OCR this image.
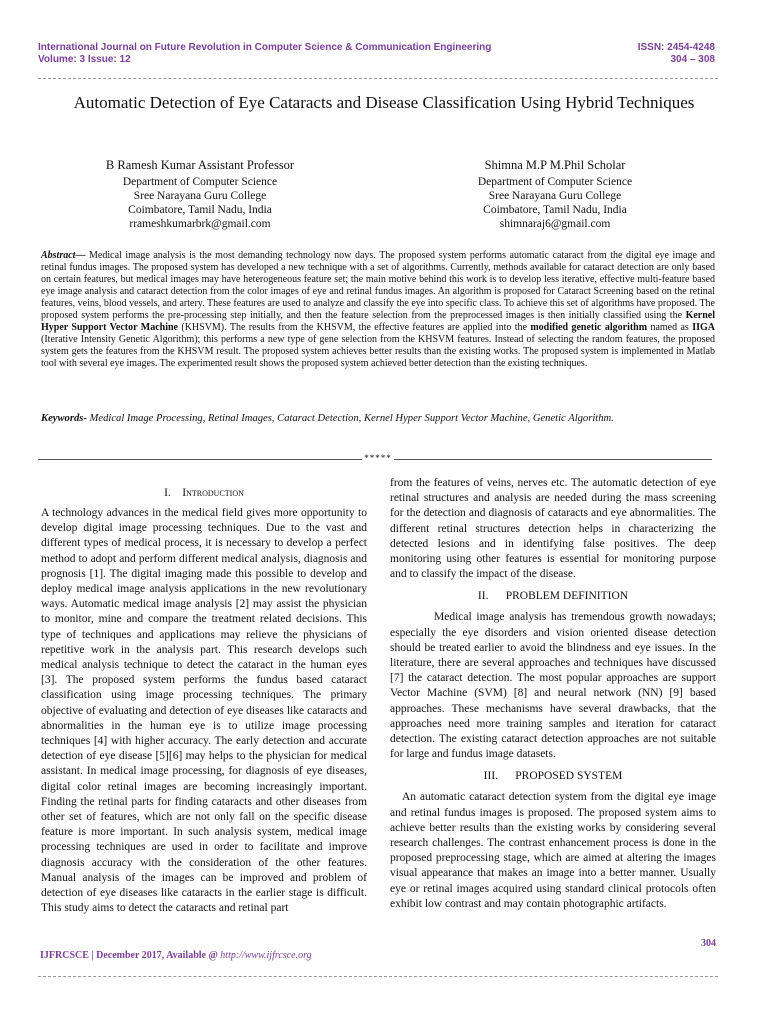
International Journal on Future Revolution in Computer Science & Communication Engineering
Volume: 3 Issue: 12
ISSN: 2454-4248
304 – 308
Automatic Detection of Eye Cataracts and Disease Classification Using Hybrid Techniques
B Ramesh Kumar Assistant Professor
Department of Computer Science
Sree Narayana Guru College
Coimbatore, Tamil Nadu, India
rrameshkumarbrk@gmail.com
Shimna M.P M.Phil Scholar
Department of Computer Science
Sree Narayana Guru College
Coimbatore, Tamil Nadu, India
shimnaraj6@gmail.com
Abstract— Medical image analysis is the most demanding technology now days. The proposed system performs automatic cataract from the digital eye image and retinal fundus images. The proposed system has developed a new technique with a set of algorithms. Currently, methods available for cataract detection are only based on certain features, but medical images may have heterogeneous feature set; the main motive behind this work is to develop less iterative, effective multi-feature based eye image analysis and cataract detection from the color images of eye and retinal fundus images. An algorithm is proposed for Cataract Screening based on the retinal features, veins, blood vessels, and artery. These features are used to analyze and classify the eye into specific class. To achieve this set of algorithms have proposed. The proposed system performs the pre-processing step initially, and then the feature selection from the preprocessed images is then initially classified using the Kernel Hyper Support Vector Machine (KHSVM). The results from the KHSVM, the effective features are applied into the modified genetic algorithm named as IIGA (Iterative Intensity Genetic Algorithm); this performs a new type of gene selection from the KHSVM features. Instead of selecting the random features, the proposed system gets the features from the KHSVM result. The proposed system achieves better results than the existing works. The proposed system is implemented in Matlab tool with several eye images. The experimented result shows the proposed system achieved better detection than the existing techniques.
Keywords- Medical Image Processing, Retinal Images, Cataract Detection, Kernel Hyper Support Vector Machine, Genetic Algorithm.
*****

I. Introduction

A technology advances in the medical field gives more opportunity to develop digital image processing techniques. Due to the vast and different types of medical process, it is necessary to develop a perfect method to adopt and perform different medical analysis, diagnosis and prognosis [1]. The digital imaging made this possible to develop and deploy medical image analysis applications in the new revolutionary ways. Automatic medical image analysis [2] may assist the physician to monitor, mine and compare the treatment related decisions. This type of techniques and applications may relieve the physicians of repetitive work in the analysis part. This research develops such medical analysis technique to detect the cataract in the human eyes [3]. The proposed system performs the fundus based cataract classification using image processing techniques. The primary objective of evaluating and detection of eye diseases like cataracts and abnormalities in the human eye is to utilize image processing techniques [4] with higher accuracy. The early detection and accurate detection of eye disease [5][6] may helps to the physician for medical assistant. In medical image processing, for diagnosis of eye diseases, digital color retinal images are becoming increasingly important. Finding the retinal parts for finding cataracts and other diseases from other set of features, which are not only fall on the specific disease feature is more important. In such analysis system, medical image processing techniques are used in order to facilitate and improve diagnosis accuracy with the consideration of the other features. Manual analysis of the images can be improved and problem of detection of eye diseases like cataracts in the earlier stage is difficult. This study aims to detect the cataracts and retinal part

from the features of veins, nerves etc. The automatic detection of eye retinal structures and analysis are needed during the mass screening for the detection and diagnosis of cataracts and eye abnormalities. The different retinal structures detection helps in characterizing the detected lesions and in identifying false positives. The deep monitoring using other features is essential for monitoring purpose and to classify the impact of the disease.

II.      PROBLEM DEFINITION

Medical image analysis has tremendous growth nowadays; especially the eye disorders and vision oriented disease detection should be treated earlier to avoid the blindness and eye issues. In the literature, there are several approaches and techniques have discussed [7] the cataract detection. The most popular approaches are support Vector Machine (SVM) [8] and neural network (NN) [9] based approaches. These mechanisms have several drawbacks, that the approaches need more training samples and iteration for cataract detection. The existing cataract detection approaches are not suitable for large and fundus image datasets.

III.      PROPOSED SYSTEM

An automatic cataract detection system from the digital eye image and retinal fundus images is proposed. The proposed system aims to achieve better results than the existing works by considering several research challenges. The contrast enhancement process is done in the proposed preprocessing stage, which are aimed at altering the images visual appearance that makes an image into a better manner. Usually eye or retinal images acquired using standard clinical protocols often exhibit low contrast and may contain photographic artifacts.

304
IJFRCSCE | December 2017, Available @ http://www.ijfrcsce.org
